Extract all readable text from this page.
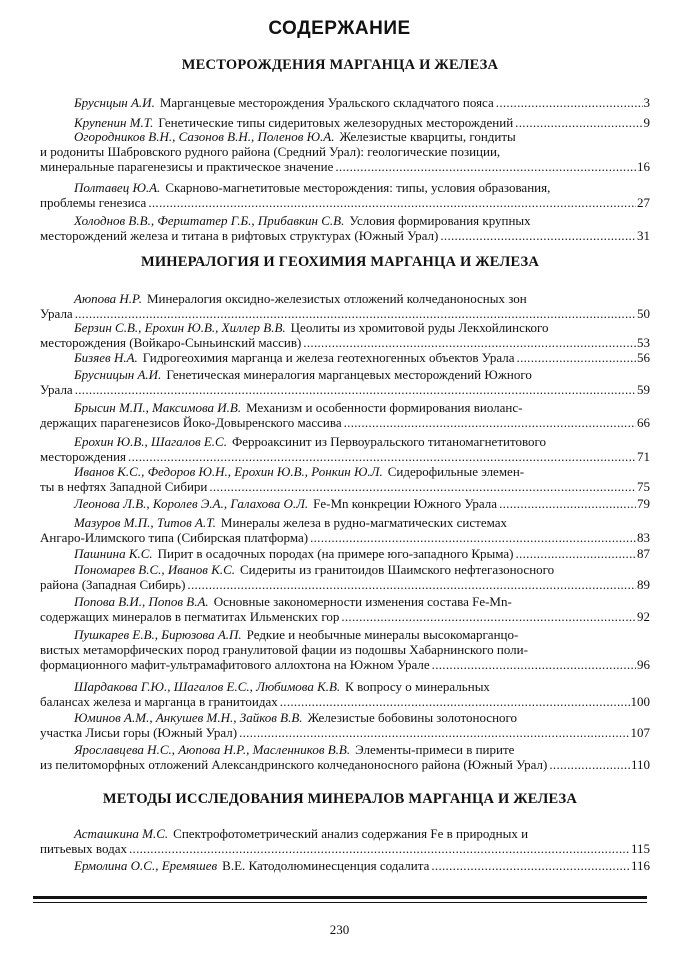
СОДЕРЖАНИЕ
МЕСТОРОЖДЕНИЯ МАРГАНЦА И ЖЕЛЕЗА
Бруснцын А.И. Марганцевые месторождения Уральского складчатого пояса .....	3
Крупенин М.Т. Генетические типы сидеритовых железорудных месторождений .....	9
Огородников В.Н., Сазонов В.Н., Поленов Ю.А. Железистые кварциты, гондиты
и родониты Шабровского рудного района (Средний Урал): геологические позиции,
минеральные парагенезисы и практическое значение .....	16
Полтавец Ю.А. Скарново-магнетитовые месторождения: типы, условия образования,
проблемы генезиса .....	27
Холоднов В.В., Ферштатер Г.Б., Прибавкин С.В. Условия формирования крупных
месторождений железа и титана в рифтовых структурах (Южный Урал) .....	31
МИНЕРАЛОГИЯ И ГЕОХИМИЯ МАРГАНЦА И ЖЕЛЕЗА
Аюпова Н.Р. Минералогия оксидно-железистых отложений колчеданоносных зон
Урала .....	50
Берзин С.В., Ерохин Ю.В., Хиллер В.В. Цеолиты из хромитовой руды Лекхойлинского
месторождения (Войкаро-Сыньинский массив) .....	53
Бизяев Н.А. Гидрогеохимия марганца и железа геотехногенных объектов Урала .....	56
Брусницын А.И. Генетическая минералогия марганцевых месторождений Южного
Урала .....	59
Брысин М.П., Максимова И.В. Механизм и особенности формирования виоланс-
держащих парагенезисов Йоко-Довыренского массива .....	66
Ерохин Ю.В., Шагалов Е.С. Ферроаксинит из Первоуральского титаномагнетитового
месторождения .....	71
Иванов К.С., Федоров Ю.Н., Ерохин Ю.В., Ронкин Ю.Л. Сидерофильные элемен-
ты в нефтях Западной Сибири .....	75
Леонова Л.В., Королев Э.А., Галахова О.Л. Fe-Mn конкреции Южного Урала .....	79
Мазуров М.П., Титов А.Т. Минералы железа в рудно-магматических системах
Ангаро-Илимского типа (Сибирская платформа) .....	83
Пашнина К.С. Пирит в осадочных породах (на примере юго-западного Крыма) .....	87
Пономарев В.С., Иванов К.С. Сидериты из гранитоидов Шаимского нефтегазоносного
района (Западная Сибирь) .....	89
Попова В.И., Попов В.А. Основные закономерности изменения состава Fe-Mn-
содержащих минералов в пегматитах Ильменских гор .....	92
Пушкарев Е.В., Бирюзова А.П. Редкие и необычные минералы высокомарганцо-
вистых метаморфических пород гранулитовой фации из подошвы Хабарнинского поли-
формационного мафит-ультрамафитового аллохтона на Южном Урале .....	96
Шардакова Г.Ю., Шагалов Е.С., Любимова К.В. К вопросу о минеральных
балансах железа и марганца в гранитоидах .....	100
Юминов А.М., Анкушев М.Н., Зайков В.В. Железистые бобовины золотоносного
участка Лисьи горы (Южный Урал) .....	107
Ярославцева Н.С., Аюпова Н.Р., Масленников В.В. Элементы-примеси в пирите
из пелитоморфных отложений Александринского колчеданоносного района (Южный Урал) .....	110
МЕТОДЫ ИССЛЕДОВАНИЯ МИНЕРАЛОВ МАРГАНЦА И ЖЕЛЕЗА
Асташкина М.С. Спектрофотометрический анализ содержания Fe в природных и
питьевых водах .....	115
Ермолина О.С., Еремяшев В.Е. Катодолюминесценция содалита .....	116
230
